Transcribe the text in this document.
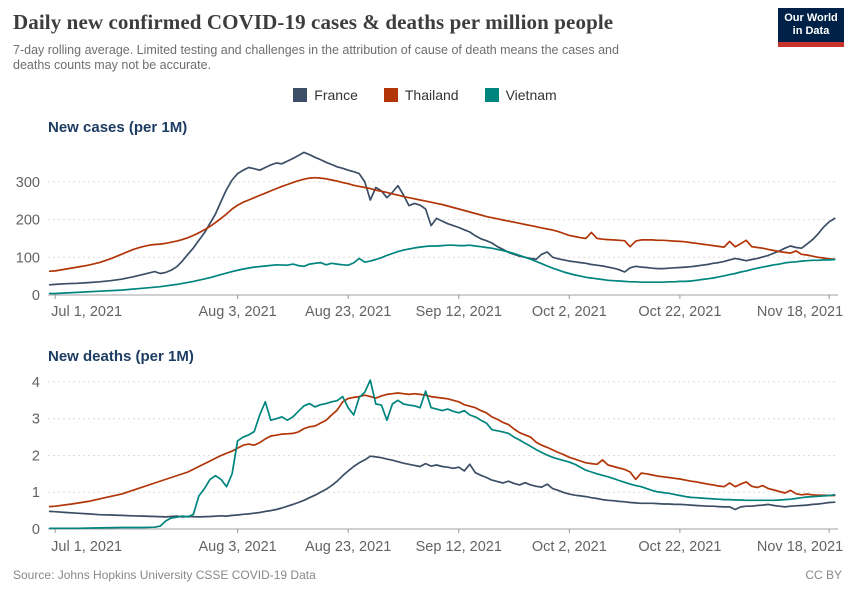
Daily new confirmed COVID-19 cases & deaths per million people
7-day rolling average. Limited testing and challenges in the attribution of cause of death means the cases and deaths counts may not be accurate.
Our World
in Data
France	Thailand	Vietnam
New cases (per 1M)
0
100
200
300
Jul 1, 2021	Aug 3, 2021 Aug 23, 2021 Sep 12, 2021 Oct 2, 2021 Oct 22, 2021 Nov 18, 2021
New deaths (per 1M)
0
1
2
3
4
Jul 1, 2021	Aug 3, 2021 Aug 23, 2021 Sep 12, 2021 Oct 2, 2021 Oct 22, 2021 Nov 18, 2021
Source: Johns Hopkins University CSSE COVID-19 Data	CC BY
